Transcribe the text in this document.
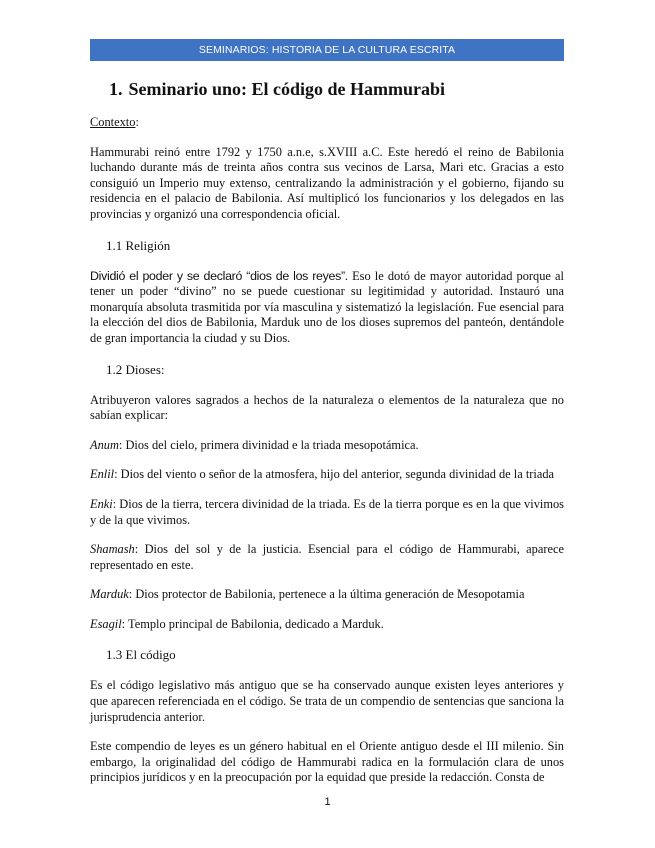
SEMINARIOS: HISTORIA DE LA CULTURA ESCRITA
1. Seminario uno: El código de Hammurabi

Contexto:

Hammurabi reinó entre 1792 y 1750 a.n.e, s.XVIII a.C. Este heredó el reino de Babilonia luchando durante más de treinta años contra sus vecinos de Larsa, Mari etc. Gracias a esto consiguió un Imperio muy extenso, centralizando la administración y el gobierno, fijando su residencia en el palacio de Babilonia. Así multiplicó los funcionarios y los delegados en las provincias y organizó una correspondencia oficial.

1.1 Religión

Dividió el poder y se declaró “dios de los reyes”. Eso le dotó de mayor autoridad porque al tener un poder “divino” no se puede cuestionar su legitimidad y autoridad. Instauró una monarquía absoluta trasmitida por vía masculina y sistematizó la legislación. Fue esencial para la elección del dios de Babilonia, Marduk uno de los dioses supremos del panteón, dentándole de gran importancia la ciudad y su Dios.

1.2 Dioses:

Atribuyeron valores sagrados a hechos de la naturaleza o elementos de la naturaleza que no sabían explicar:

Anum: Dios del cielo, primera divinidad e la triada mesopotámica.

Enlil: Dios del viento o señor de la atmosfera, hijo del anterior, segunda divinidad de la triada

Enki: Dios de la tierra, tercera divinidad de la triada. Es de la tierra porque es en la que vivimos y de la que vivimos.

Shamash: Dios del sol y de la justicia. Esencial para el código de Hammurabi, aparece representado en este.

Marduk: Dios protector de Babilonia, pertenece a la última generación de Mesopotamia

Esagil: Templo principal de Babilonia, dedicado a Marduk.

1.3 El código

Es el código legislativo más antiguo que se ha conservado aunque existen leyes anteriores y que aparecen referenciada en el código. Se trata de un compendio de sentencias que sanciona la jurisprudencia anterior.

Este compendio de leyes es un género habitual en el Oriente antiguo desde el III milenio. Sin embargo, la originalidad del código de Hammurabi radica en la formulación clara de unos principios jurídicos y en la preocupación por la equidad que preside la redacción. Consta de

1
